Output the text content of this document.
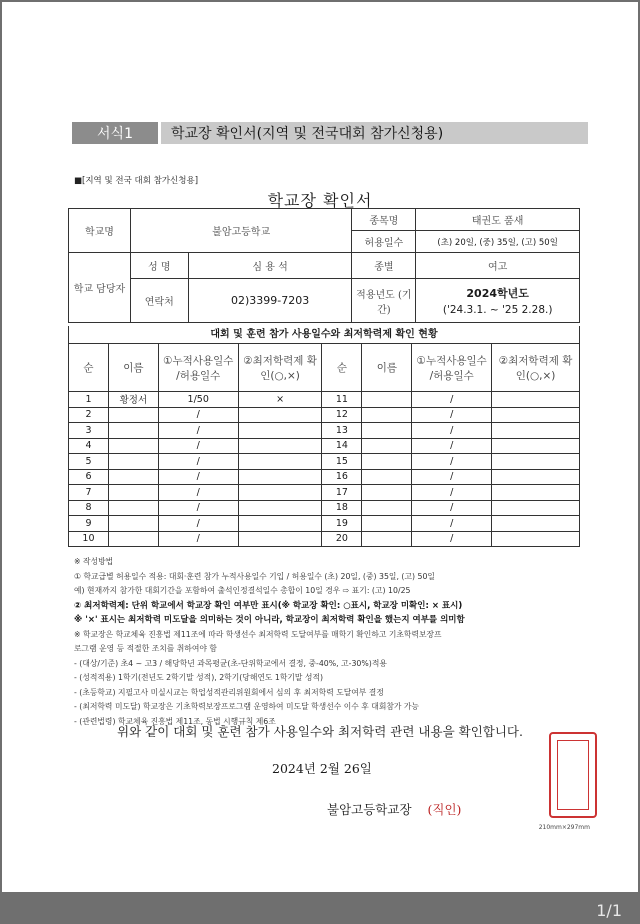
서식1	학교장 확인서(지역 및 전국대회 참가신청용)
■[지역 및 전국 대회 참가신청용]
학교장 확인서
학교명	불암고등학교		종목명	태권도 품새
			허용일수	(초) 20일, (중) 35일, (고) 50일
학교 담당자	성 명	심 용 석	종별	여고
	연락처	02)3399-7203	적용년도 (기간)	2024학년도
('24.3.1. ~ '25 2.28.)
대회 및 훈련 참가 사용일수와 최저학력제 확인 현황
순	이름	①누적사용일수 /허용일수	②최저학력제 확인(○,×)	순	이름	①누적사용일수 /허용일수	②최저학력제 확인(○,×)
1	황정서	1/50	×	11		/	
2		/		12		/	
3		/		13		/	
4		/		14		/	
5		/		15		/	
6		/		16		/	
7		/		17		/	
8		/		18		/	
9		/		19		/	
10		/		20		/	
※ 작성방법
① 학교급별 허용일수 적용: 대회·훈련 참가 누적사용일수 기입 / 허용일수 (초) 20일, (중) 35일, (고) 50일
예) 현재까지 참가한 대회기간을 포함하여 출석인정결석일수 총합이 10일 경우 ⇨ 표기: (고) 10/25
② 최저학력제: 단위 학교에서 학교장 확인 여부만 표시(※ 학교장 확인: ○표시, 학교장 미확인: × 표시)
※ '×' 표시는 최저학력 미도달을 의미하는 것이 아니라, 학교장이 최저학력 확인을 했는지 여부를 의미함
※ 학교장은 학교체육 진흥법 제11조에 따라 학생선수 최저학력 도달여부를 매학기 확인하고 기초학력보장프
로그램 운영 등 적절한 조치를 취하여야 함
- (대상/기준) 초4 ~ 고3 / 해당학년 과목평균(초-단위학교에서 결정, 중-40%, 고-30%)적용
- (성적적용) 1학기(전년도 2학기말 성적), 2학기(당해연도 1학기말 성적)
- (초등학교) 지필고사 미실시교는 학업성적관리위원회에서 심의 후 최저학력 도달여부 결정
- (최저학력 미도달) 학교장은 기초학력보장프로그램 운영하여 미도달 학생선수 이수 후 대회참가 가능
- (관련법령) 학교체육 진흥법 제11조, 동법 시행규칙 제6조
위와 같이 대회 및 훈련 참가 사용일수와 최저학력 관련 내용을 확인합니다.
2024년 2월 26일
불암고등학교장 (직인)
210mm×297mm
1/1
